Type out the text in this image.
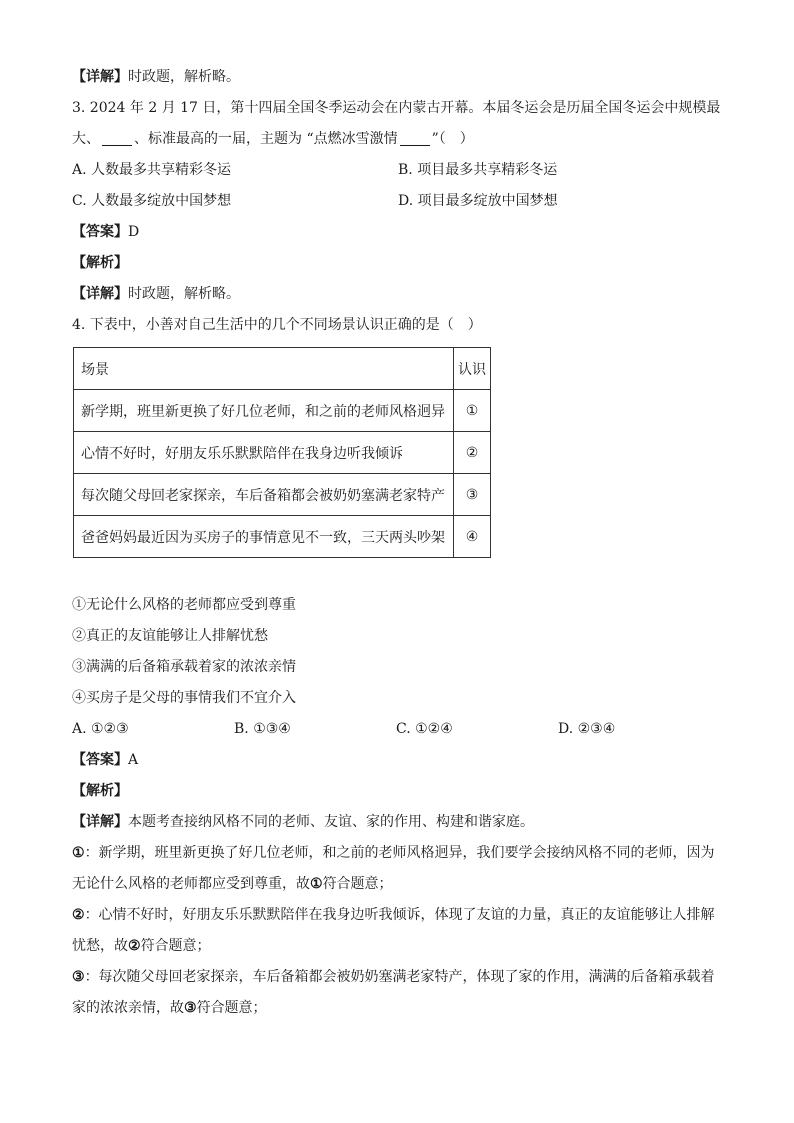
【详解】时政题，解析略。
3. 2024 年 2 月 17 日，第十四届全国冬季运动会在内蒙古开幕。本届冬运会是历届全国冬运会中规模最
大、 、标准最高的一届，主题为 “点燃冰雪激情 ”（　）
A. 人数最多共享精彩冬运	B. 项目最多共享精彩冬运
C. 人数最多绽放中国梦想	D. 项目最多绽放中国梦想
【答案】D
【解析】
【详解】时政题，解析略。
4. 下表中，小善对自己生活中的几个不同场景认识正确的是（　）
场景	认识
新学期，班里新更换了好几位老师，和之前的老师风格迥异	①
心情不好时，好朋友乐乐默默陪伴在我身边听我倾诉	②
每次随父母回老家探亲，车后备箱都会被奶奶塞满老家特产	③
爸爸妈妈最近因为买房子的事情意见不一致，三天两头吵架	④
①无论什么风格的老师都应受到尊重
②真正的友谊能够让人排解忧愁
③满满的后备箱承载着家的浓浓亲情
④买房子是父母的事情我们不宜介入
A. ①②③	B. ①③④	C. ①②④	D. ②③④
【答案】A
【解析】
【详解】本题考查接纳风格不同的老师、友谊、家的作用、构建和谐家庭。
①：新学期，班里新更换了好几位老师，和之前的老师风格迥异，我们要学会接纳风格不同的老师，因为
无论什么风格的老师都应受到尊重，故①符合题意；
②：心情不好时，好朋友乐乐默默陪伴在我身边听我倾诉，体现了友谊的力量，真正的友谊能够让人排解
忧愁，故②符合题意；
③：每次随父母回老家探亲，车后备箱都会被奶奶塞满老家特产，体现了家的作用，满满的后备箱承载着
家的浓浓亲情，故③符合题意；
